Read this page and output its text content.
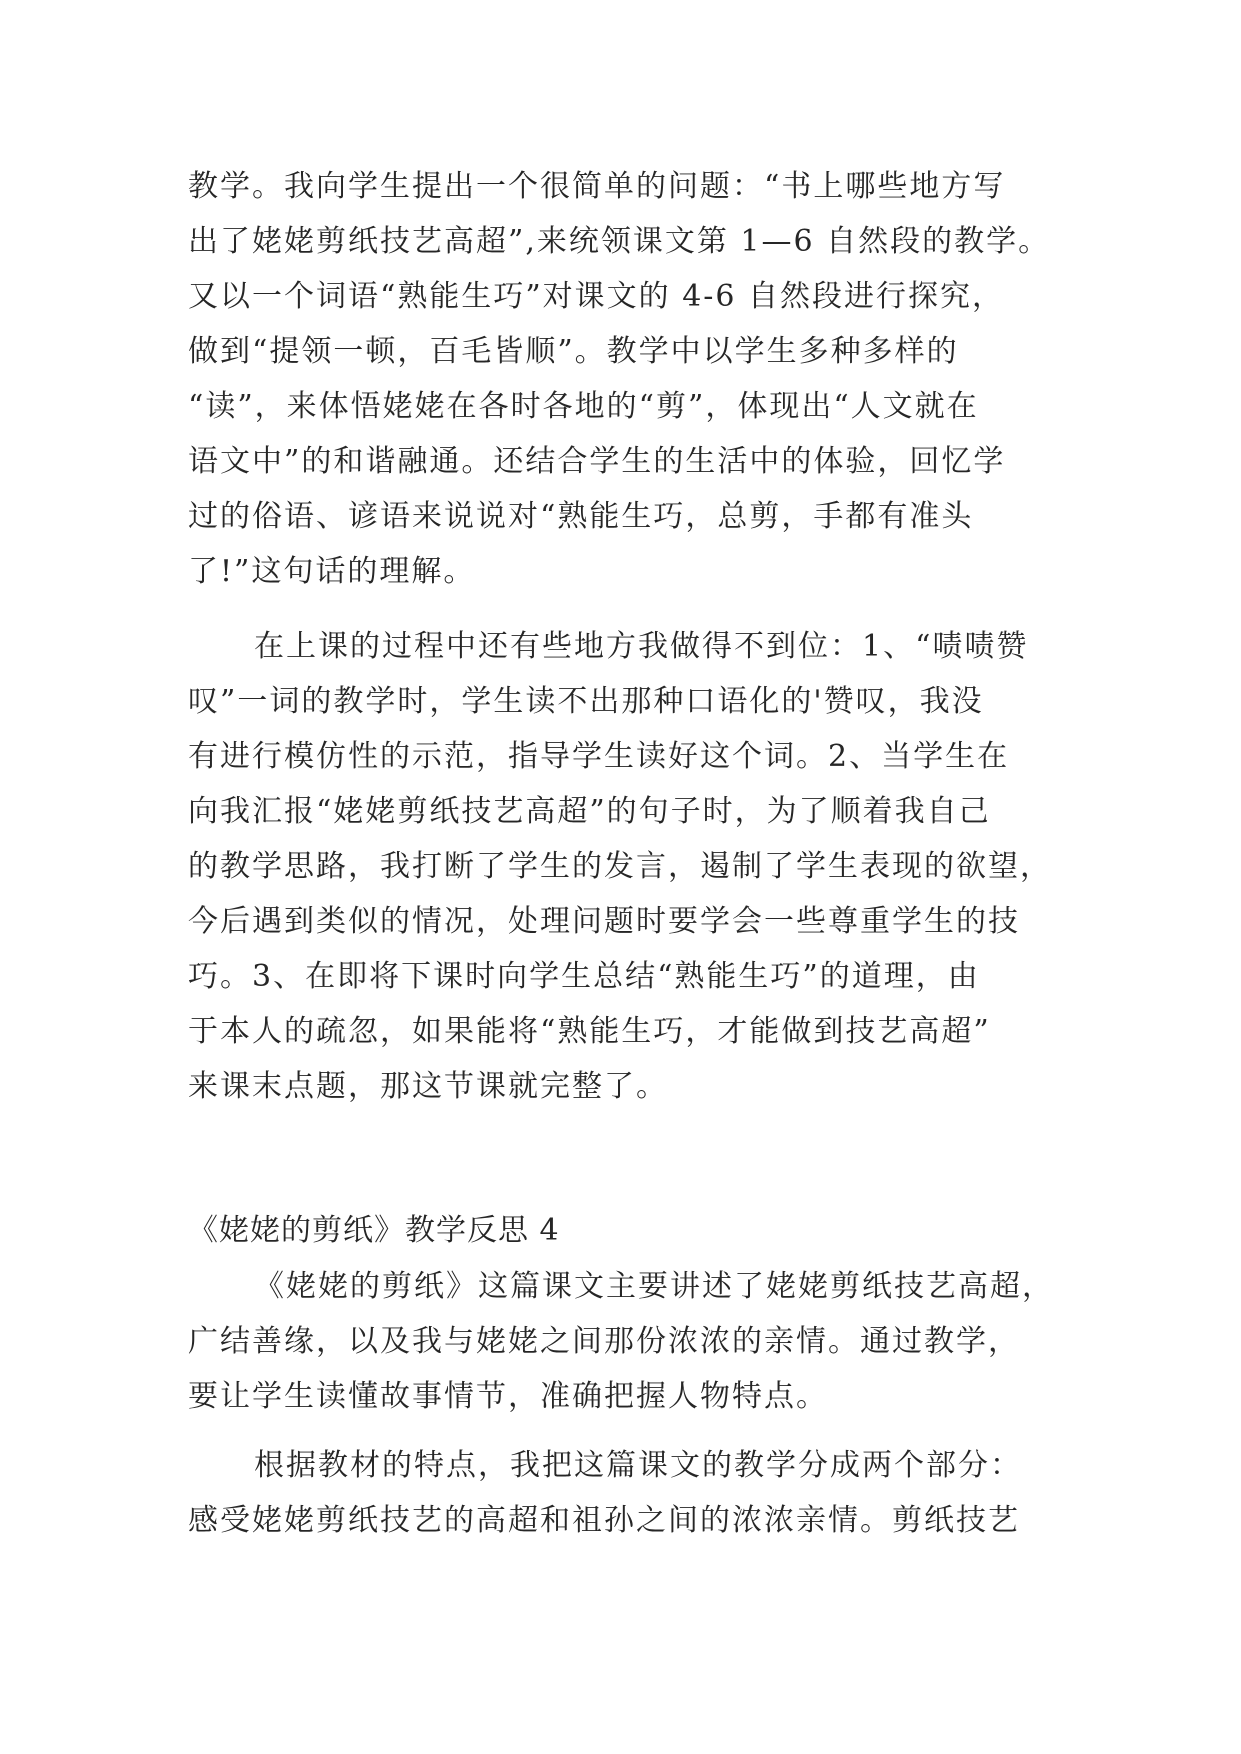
教学。我向学生提出一个很简单的问题：“书上哪些地方写
出了姥姥剪纸技艺高超”,来统领课文第 1—6 自然段的教学。
又以一个词语“熟能生巧”对课文的 4-6 自然段进行探究，
做到“提领一顿，百毛皆顺”。教学中以学生多种多样的
“读”，来体悟姥姥在各时各地的“剪”，体现出“人文就在
语文中”的和谐融通。还结合学生的生活中的体验，回忆学
过的俗语、谚语来说说对“熟能生巧，总剪，手都有准头
了!”这句话的理解。
在上课的过程中还有些地方我做得不到位：1、“啧啧赞
叹”一词的教学时，学生读不出那种口语化的'赞叹，我没
有进行模仿性的示范，指导学生读好这个词。2、当学生在
向我汇报“姥姥剪纸技艺高超”的句子时，为了顺着我自己
的教学思路，我打断了学生的发言，遏制了学生表现的欲望，
今后遇到类似的情况，处理问题时要学会一些尊重学生的技
巧。3、在即将下课时向学生总结“熟能生巧”的道理，由
于本人的疏忽，如果能将“熟能生巧，才能做到技艺高超”
来课末点题，那这节课就完整了。
《姥姥的剪纸》教学反思 4
《姥姥的剪纸》这篇课文主要讲述了姥姥剪纸技艺高超，
广结善缘，以及我与姥姥之间那份浓浓的亲情。通过教学，
要让学生读懂故事情节，准确把握人物特点。
根据教材的特点，我把这篇课文的教学分成两个部分：
感受姥姥剪纸技艺的高超和祖孙之间的浓浓亲情。剪纸技艺
